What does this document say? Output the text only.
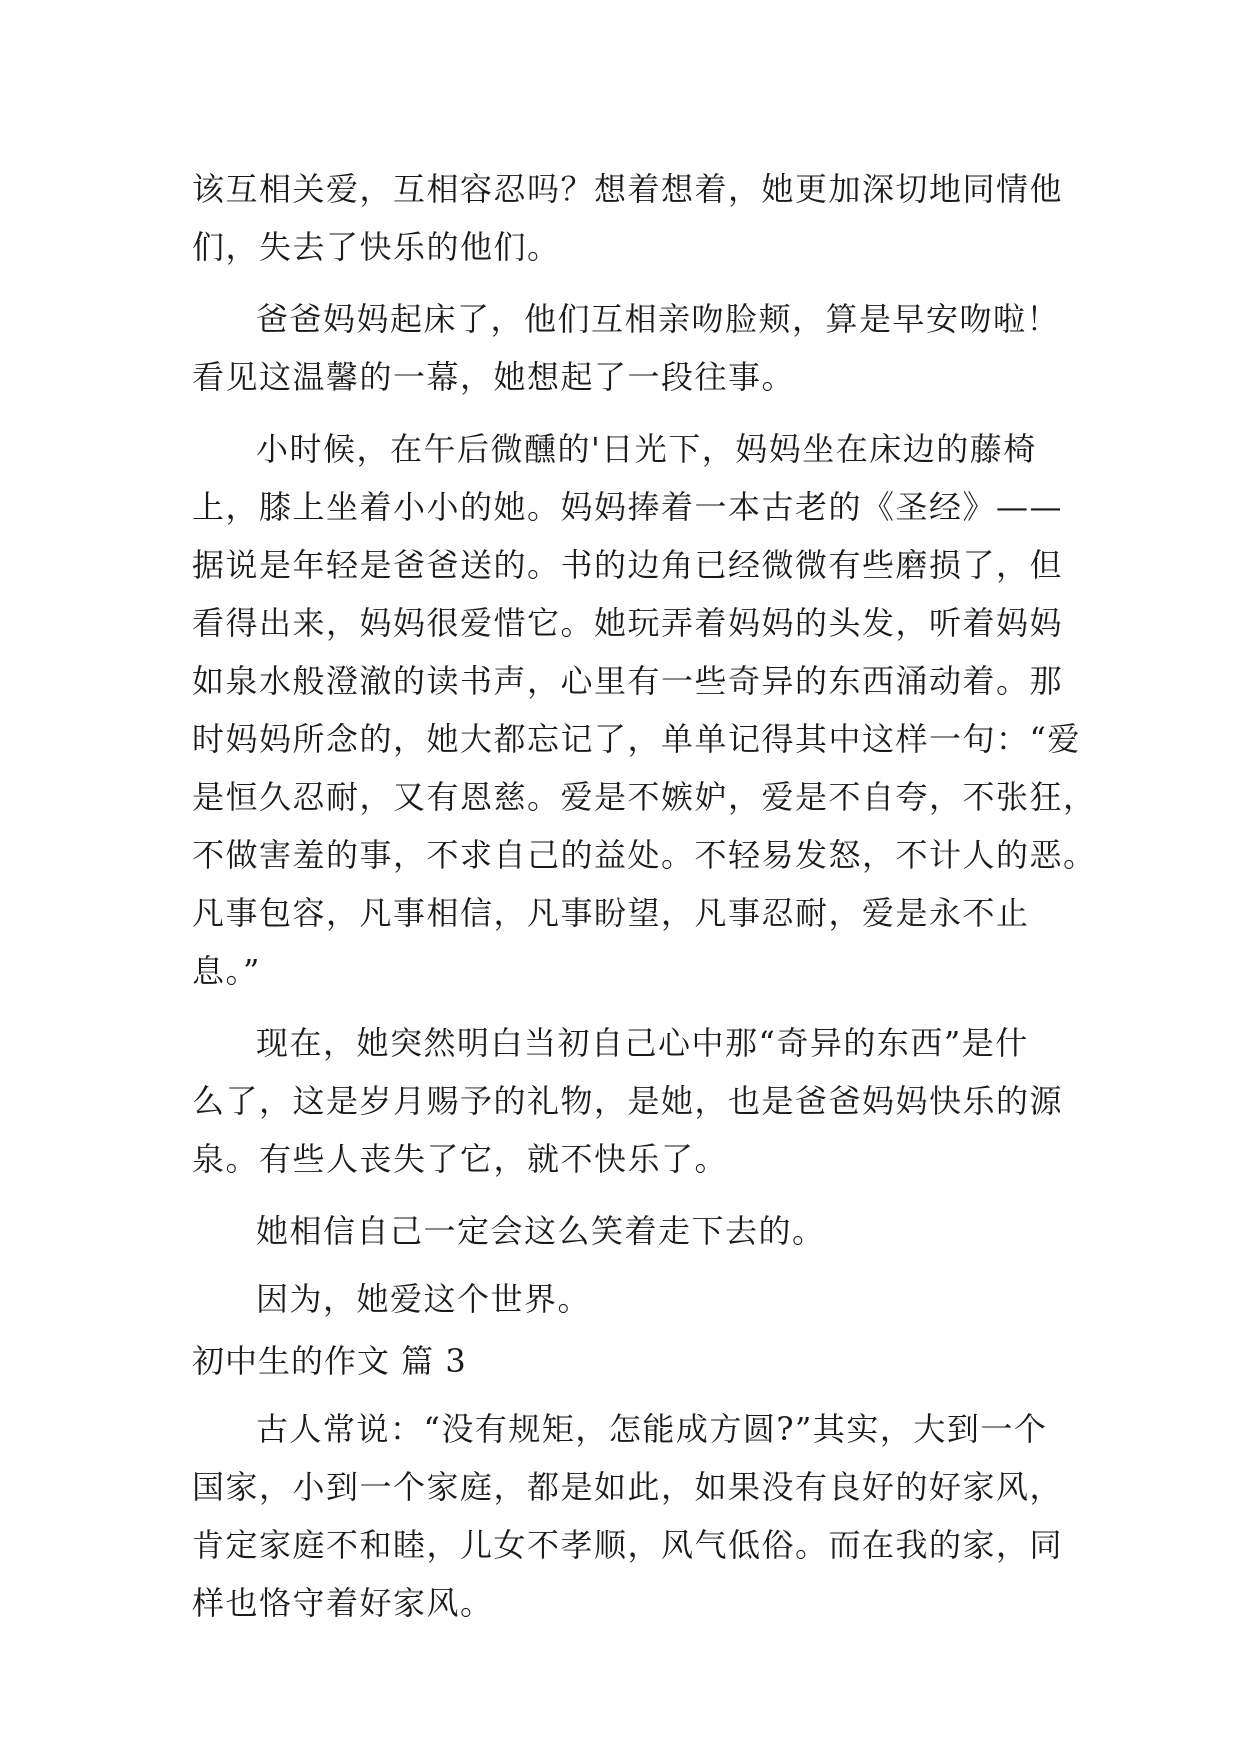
该互相关爱，互相容忍吗？想着想着，她更加深切地同情他
们，失去了快乐的他们。
爸爸妈妈起床了，他们互相亲吻脸颊，算是早安吻啦！
看见这温馨的一幕，她想起了一段往事。
小时候，在午后微醺的'日光下，妈妈坐在床边的藤椅
上，膝上坐着小小的她。妈妈捧着一本古老的《圣经》——
据说是年轻是爸爸送的。书的边角已经微微有些磨损了，但
看得出来，妈妈很爱惜它。她玩弄着妈妈的头发，听着妈妈
如泉水般澄澈的读书声，心里有一些奇异的东西涌动着。那
时妈妈所念的，她大都忘记了，单单记得其中这样一句：“爱
是恒久忍耐，又有恩慈。爱是不嫉妒，爱是不自夸，不张狂，
不做害羞的事，不求自己的益处。不轻易发怒，不计人的恶。
凡事包容，凡事相信，凡事盼望，凡事忍耐，爱是永不止
息。”
现在，她突然明白当初自己心中那“奇异的东西”是什
么了，这是岁月赐予的礼物，是她，也是爸爸妈妈快乐的源
泉。有些人丧失了它，就不快乐了。
她相信自己一定会这么笑着走下去的。
因为，她爱这个世界。
初中生的作文 篇 3
古人常说：“没有规矩，怎能成方圆?”其实，大到一个
国家，小到一个家庭，都是如此，如果没有良好的好家风，
肯定家庭不和睦，儿女不孝顺，风气低俗。而在我的家，同
样也恪守着好家风。
